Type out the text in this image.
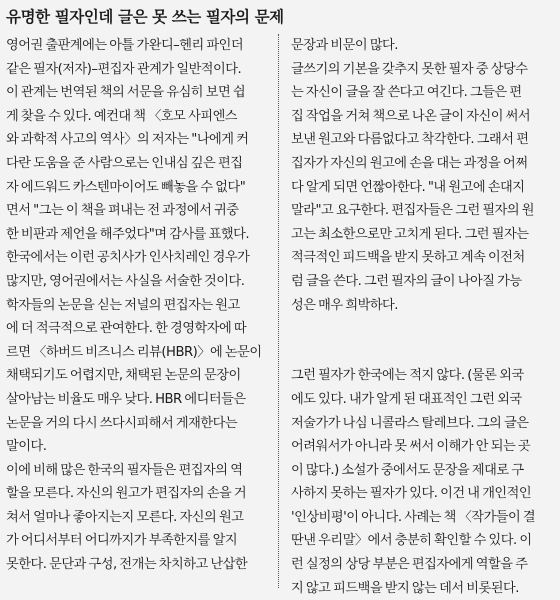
유명한 필자인데 글은 못 쓰는 필자의 문제
영어권 출판계에는 아틀 가완디–헨리 파인더
같은 필자(저자)–편집자 관계가 일반적이다.
이 관계는 번역된 책의 서문을 유심히 보면 쉽
게 찾을 수 있다. 예컨대 책 〈호모 사피엔스
와 과학적 사고의 역사〉의 저자는 "나에게 커
다란 도움을 준 사람으로는 인내심 깊은 편집
자 에드워드 카스텐마이어도 빼놓을 수 없다"
면서 "그는 이 책을 펴내는 전 과정에서 귀중
한 비판과 제언을 해주었다"며 감사를 표했다.
한국에서는 이런 공치사가 인사치레인 경우가
많지만, 영어권에서는 사실을 서술한 것이다.
학자들의 논문을 싣는 저널의 편집자는 원고
에 더 적극적으로 관여한다. 한 경영학자에 따
르면 〈하버드 비즈니스 리뷰(HBR)〉에 논문이
채택되기도 어렵지만, 채택된 논문의 문장이
살아남는 비율도 매우 낮다. HBR 에디터들은
논문을 거의 다시 쓰다시피해서 게재한다는
말이다.
이에 비해 많은 한국의 필자들은 편집자의 역
할을 모른다. 자신의 원고가 편집자의 손을 거
쳐서 얼마나 좋아지는지 모른다. 자신의 원고
가 어디서부터 어디까지가 부족한지를 알지
못한다. 문단과 구성, 전개는 차치하고 난삽한
문장과 비문이 많다.
글쓰기의 기본을 갖추지 못한 필자 중 상당수
는 자신이 글을 잘 쓴다고 여긴다. 그들은 편
집 작업을 거쳐 책으로 나온 글이 자신이 써서
보낸 원고와 다름없다고 착각한다. 그래서 편
집자가 자신의 원고에 손을 대는 과정을 어쩌
다 알게 되면 언짢아한다. "내 원고에 손대지
말라"고 요구한다. 편집자들은 그런 필자의 원
고는 최소한으로만 고치게 된다. 그런 필자는
적극적인 피드백을 받지 못하고 계속 이전처
럼 글을 쓴다. 그런 필자의 글이 나아질 가능
성은 매우 희박하다.
그런 필자가 한국에는 적지 않다. (물론 외국
에도 있다. 내가 알게 된 대표적인 그런 외국
저술가가 나심 니콜라스 탈레브다. 그의 글은
어려워서가 아니라 못 써서 이해가 안 되는 곳
이 많다.) 소설가 중에서도 문장을 제대로 구
사하지 못하는 필자가 있다. 이건 내 개인적인
'인상비평'이 아니다. 사례는 책 〈작가들이 결
딴낸 우리말〉에서 충분히 확인할 수 있다. 이
런 실정의 상당 부분은 편집자에게 역할을 주
지 않고 피드백을 받지 않는 데서 비롯된다.
